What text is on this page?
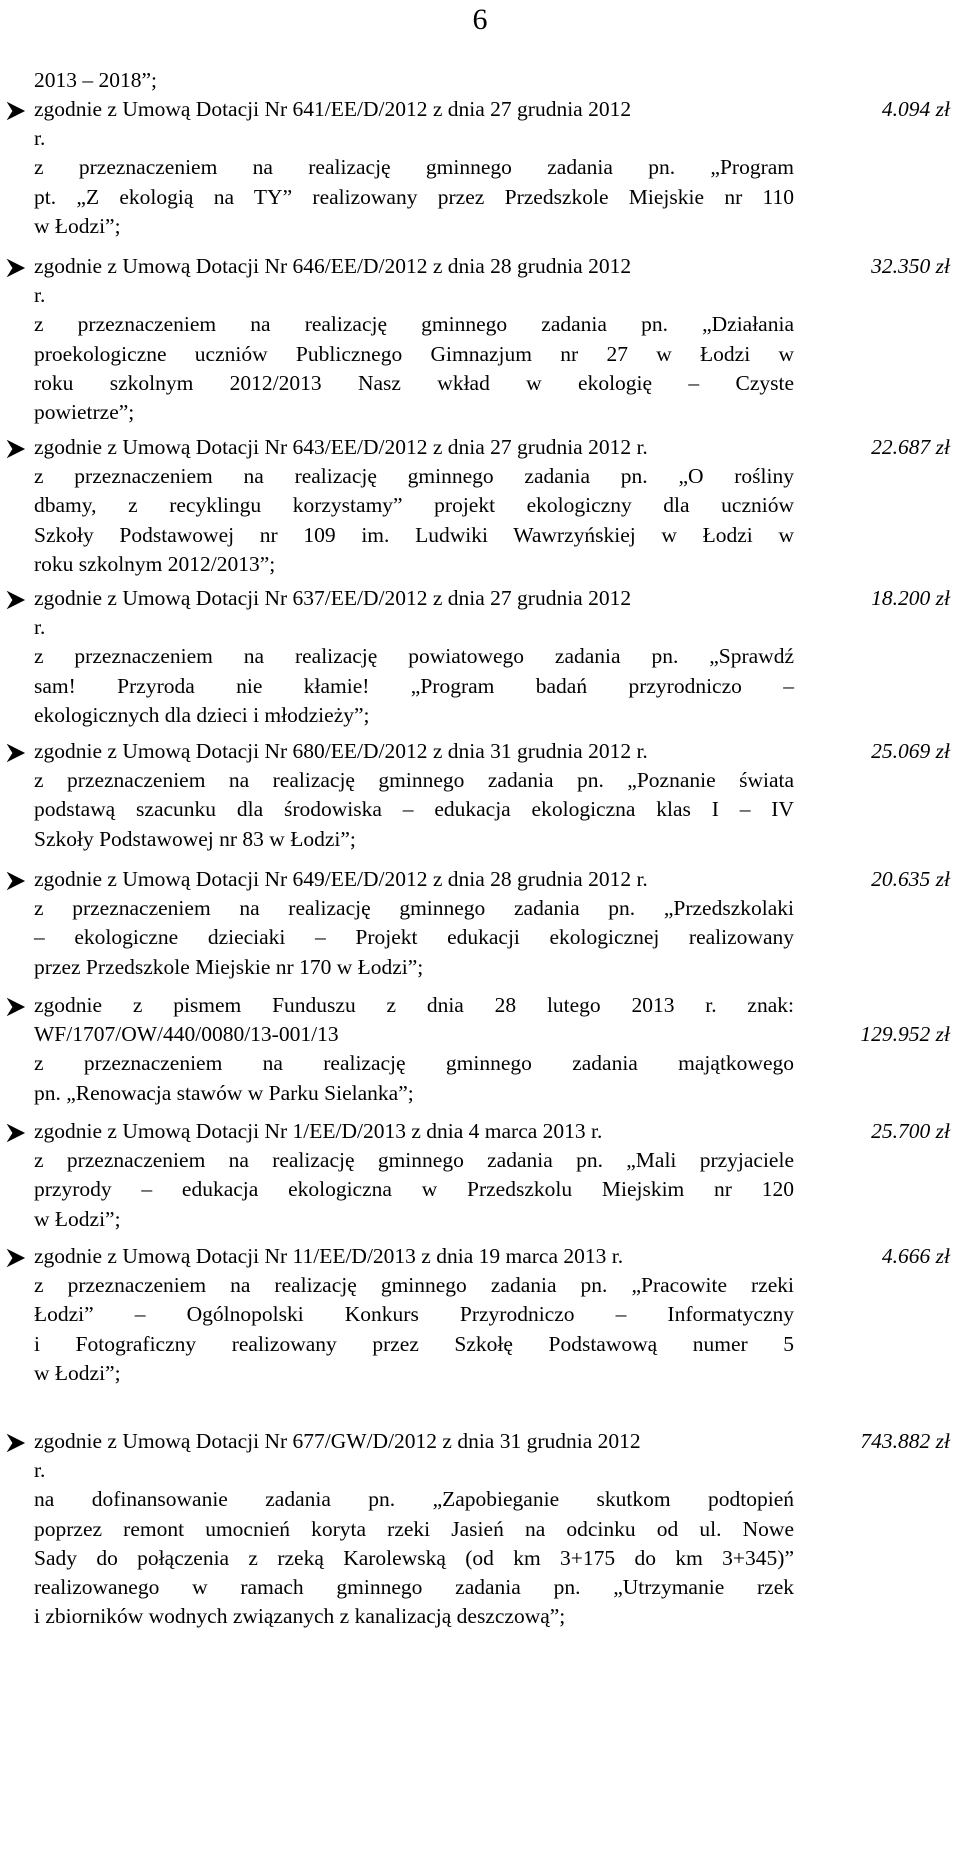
6
2013 – 2018”;
zgodnie z Umową Dotacji Nr 641/EE/D/2012 z dnia 27 grudnia 2012
r.
z przeznaczeniem na realizację gminnego zadania pn. „Program
pt. „Z ekologią na TY” realizowany przez Przedszkole Miejskie nr 110
w Łodzi”;
4.094 zł
zgodnie z Umową Dotacji Nr 646/EE/D/2012 z dnia 28 grudnia 2012
r.
z przeznaczeniem na realizację gminnego zadania pn. „Działania
proekologiczne uczniów Publicznego Gimnazjum nr 27 w Łodzi w
roku szkolnym 2012/2013 Nasz wkład w ekologię – Czyste
powietrze”;
32.350 zł
zgodnie z Umową Dotacji Nr 643/EE/D/2012 z dnia 27 grudnia 2012 r.
z przeznaczeniem na realizację gminnego zadania pn. „O rośliny
dbamy, z recyklingu korzystamy” projekt ekologiczny dla uczniów
Szkoły Podstawowej nr 109 im. Ludwiki Wawrzyńskiej w Łodzi w
roku szkolnym 2012/2013”;
22.687 zł
zgodnie z Umową Dotacji Nr 637/EE/D/2012 z dnia 27 grudnia 2012
r.
z przeznaczeniem na realizację powiatowego zadania pn. „Sprawdź
sam! Przyroda nie kłamie! „Program badań przyrodniczo –
ekologicznych dla dzieci i młodzieży”;
18.200 zł
zgodnie z Umową Dotacji Nr 680/EE/D/2012 z dnia 31 grudnia 2012 r.
z przeznaczeniem na realizację gminnego zadania pn. „Poznanie świata
podstawą szacunku dla środowiska – edukacja ekologiczna klas I – IV
Szkoły Podstawowej nr 83 w Łodzi”;
25.069 zł
zgodnie z Umową Dotacji Nr 649/EE/D/2012 z dnia 28 grudnia 2012 r.
z przeznaczeniem na realizację gminnego zadania pn. „Przedszkolaki
– ekologiczne dzieciaki – Projekt edukacji ekologicznej realizowany
przez Przedszkole Miejskie nr 170 w Łodzi”;
20.635 zł
zgodnie z pismem Funduszu z dnia 28 lutego 2013 r. znak:
WF/1707/OW/440/0080/13-001/13
z przeznaczeniem na realizację gminnego zadania majątkowego
pn. „Renowacja stawów w Parku Sielanka”;
129.952 zł
zgodnie z Umową Dotacji Nr 1/EE/D/2013 z dnia 4 marca 2013 r.
z przeznaczeniem na realizację gminnego zadania pn. „Mali przyjaciele
przyrody – edukacja ekologiczna w Przedszkolu Miejskim nr 120
w Łodzi”;
25.700 zł
zgodnie z Umową Dotacji Nr 11/EE/D/2013 z dnia 19 marca 2013 r.
z przeznaczeniem na realizację gminnego zadania pn. „Pracowite rzeki
Łodzi” – Ogólnopolski Konkurs Przyrodniczo – Informatyczny
i Fotograficzny realizowany przez Szkołę Podstawową numer 5
w Łodzi”;
4.666 zł
zgodnie z Umową Dotacji Nr 677/GW/D/2012 z dnia 31 grudnia 2012
r.
na dofinansowanie zadania pn. „Zapobieganie skutkom podtopień
poprzez remont umocnień koryta rzeki Jasień na odcinku od ul. Nowe
Sady do połączenia z rzeką Karolewską (od km 3+175 do km 3+345)”
realizowanego w ramach gminnego zadania pn. „Utrzymanie rzek
i zbiorników wodnych związanych z kanalizacją deszczową”;
743.882 zł
